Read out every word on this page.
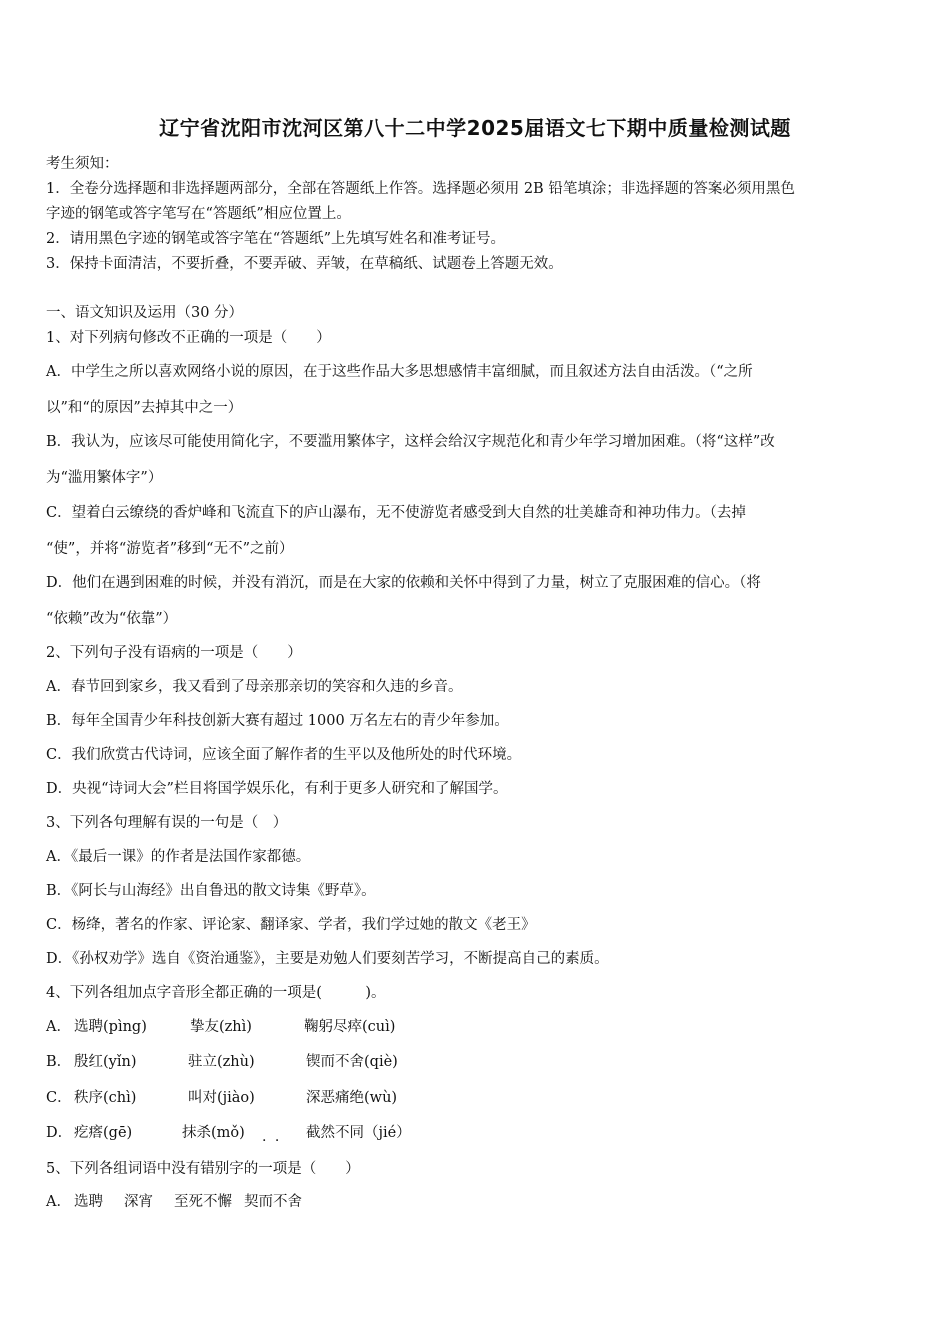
辽宁省沈阳市沈河区第八十二中学2025届语文七下期中质量检测试题
考生须知：
1．全卷分选择题和非选择题两部分，全部在答题纸上作答。选择题必须用 2B 铅笔填涂；非选择题的答案必须用黑色
字迹的钢笔或答字笔写在“答题纸”相应位置上。
2．请用黑色字迹的钢笔或答字笔在“答题纸”上先填写姓名和准考证号。
3．保持卡面清洁，不要折叠，不要弄破、弄皱，在草稿纸、试题卷上答题无效。
一、语文知识及运用（30 分）
1、对下列病句修改不正确的一项是（　　）
A．中学生之所以喜欢网络小说的原因，在于这些作品大多思想感情丰富细腻，而且叙述方法自由活泼。（“之所
以”和“的原因”去掉其中之一）
B．我认为，应该尽可能使用简化字，不要滥用繁体字，这样会给汉字规范化和青少年学习增加困难。（将“这样”改
为“滥用繁体字”）
C．望着白云缭绕的香炉峰和飞流直下的庐山瀑布，无不使游览者感受到大自然的壮美雄奇和神功伟力。（去掉
“使”，并将“游览者”移到“无不”之前）
D．他们在遇到困难的时候，并没有消沉，而是在大家的依赖和关怀中得到了力量，树立了克服困难的信心。（将
“依赖”改为“依靠”）
2、下列句子没有语病的一项是（　　）
A．春节回到家乡，我又看到了母亲那亲切的笑容和久违的乡音。
B．每年全国青少年科技创新大赛有超过 1000 万名左右的青少年参加。
C．我们欣赏古代诗词，应该全面了解作者的生平以及他所处的时代环境。
D．央视“诗词大会”栏目将国学娱乐化，有利于更多人研究和了解国学。
3、下列各句理解有误的一句是（　）
A．《最后一课》的作者是法国作家都德。
B．《阿长与山海经》出自鲁迅的散文诗集《野草》。
C．杨绛，著名的作家、评论家、翻译家、学者，我们学过她的散文《老王》
D．《孙权劝学》选自《资治通鉴》，主要是劝勉人们要刻苦学习，不断提高自己的素质。
4、下列各组加点字音形全都正确的一项是(　　　)。
A． 选聘(pìng)	挚友(zhì)	鞠躬尽瘁(cuì)
B． 殷红(yǐn)	驻立(zhù)	锲而不舍(qiè)
C． 秩序(chì)	叫对(jiào)	深恶痛绝(wù)
D． 疙瘩(gē)	抹杀(mǒ)	截然不同（jié）
. .
5、下列各组词语中没有错别字的一项是（　　）
A． 选聘 深宵 至死不懈 契而不舍
